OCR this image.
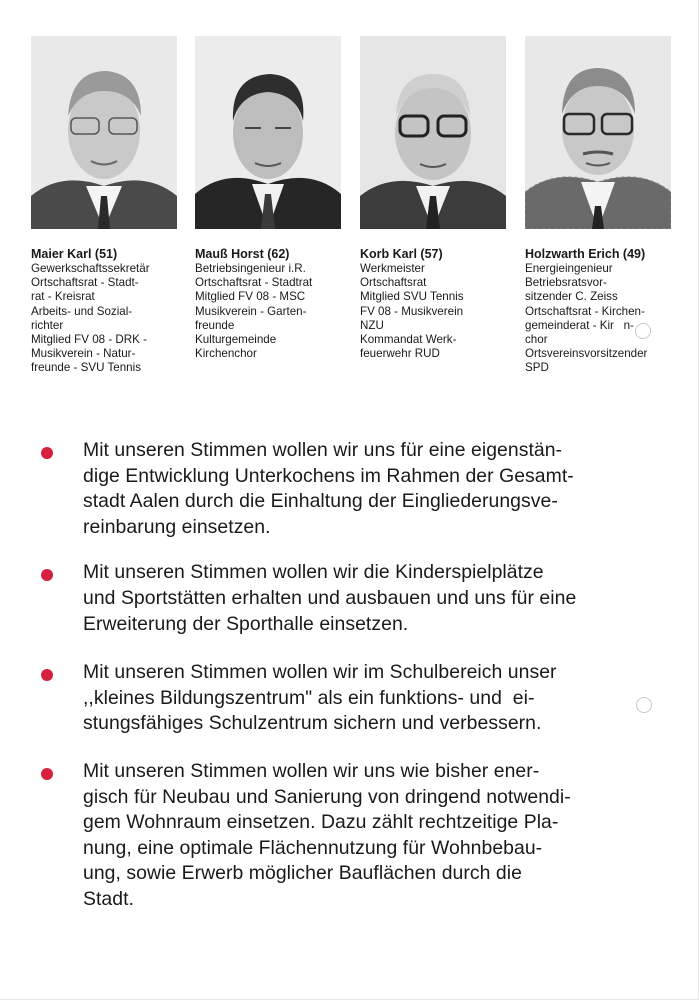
Maier Karl (51)
Gewerkschaftssekretär
Ortschaftsrat - Stadt-
rat - Kreisrat
Arbeits- und Sozial-
richter
Mitglied FV 08 - DRK -
Musikverein - Natur-
freunde - SVU Tennis
Mauß Horst (62)
Betriebsingenieur i.R.
Ortschaftsrat - Stadtrat
Mitglied FV 08 - MSC
Musikverein - Garten-
freunde
Kulturgemeinde
Kirchenchor
Korb Karl (57)
Werkmeister
Ortschaftsrat
Mitglied SVU Tennis
FV 08 - Musikverein
NZU
Kommandat Werk-
feuerwehr RUD
Holzwarth Erich (49)
Energieingenieur
Betriebsratsvor-
sitzender C. Zeiss
Ortschaftsrat - Kirchen-
gemeinderat - Kir   n-
chor
Ortsvereinsvorsitzender
SPD
Mit unseren Stimmen wollen wir uns für eine eigenstän-
dige Entwicklung Unterkochens im Rahmen der Gesamt-
stadt Aalen durch die Einhaltung der Eingliederungsve-
reinbarung einsetzen.
Mit unseren Stimmen wollen wir die Kinderspielplätze
und Sportstätten erhalten und ausbauen und uns für eine
Erweiterung der Sporthalle einsetzen.
Mit unseren Stimmen wollen wir im Schulbereich unser
,,kleines Bildungszentrum" als ein funktions- und  ei-
stungsfähiges Schulzentrum sichern und verbessern.
Mit unseren Stimmen wollen wir uns wie bisher ener-
gisch für Neubau und Sanierung von dringend notwendi-
gem Wohnraum einsetzen. Dazu zählt rechtzeitige Pla-
nung, eine optimale Flächennutzung für Wohnbebau-
ung, sowie Erwerb möglicher Bauflächen durch die
Stadt.
